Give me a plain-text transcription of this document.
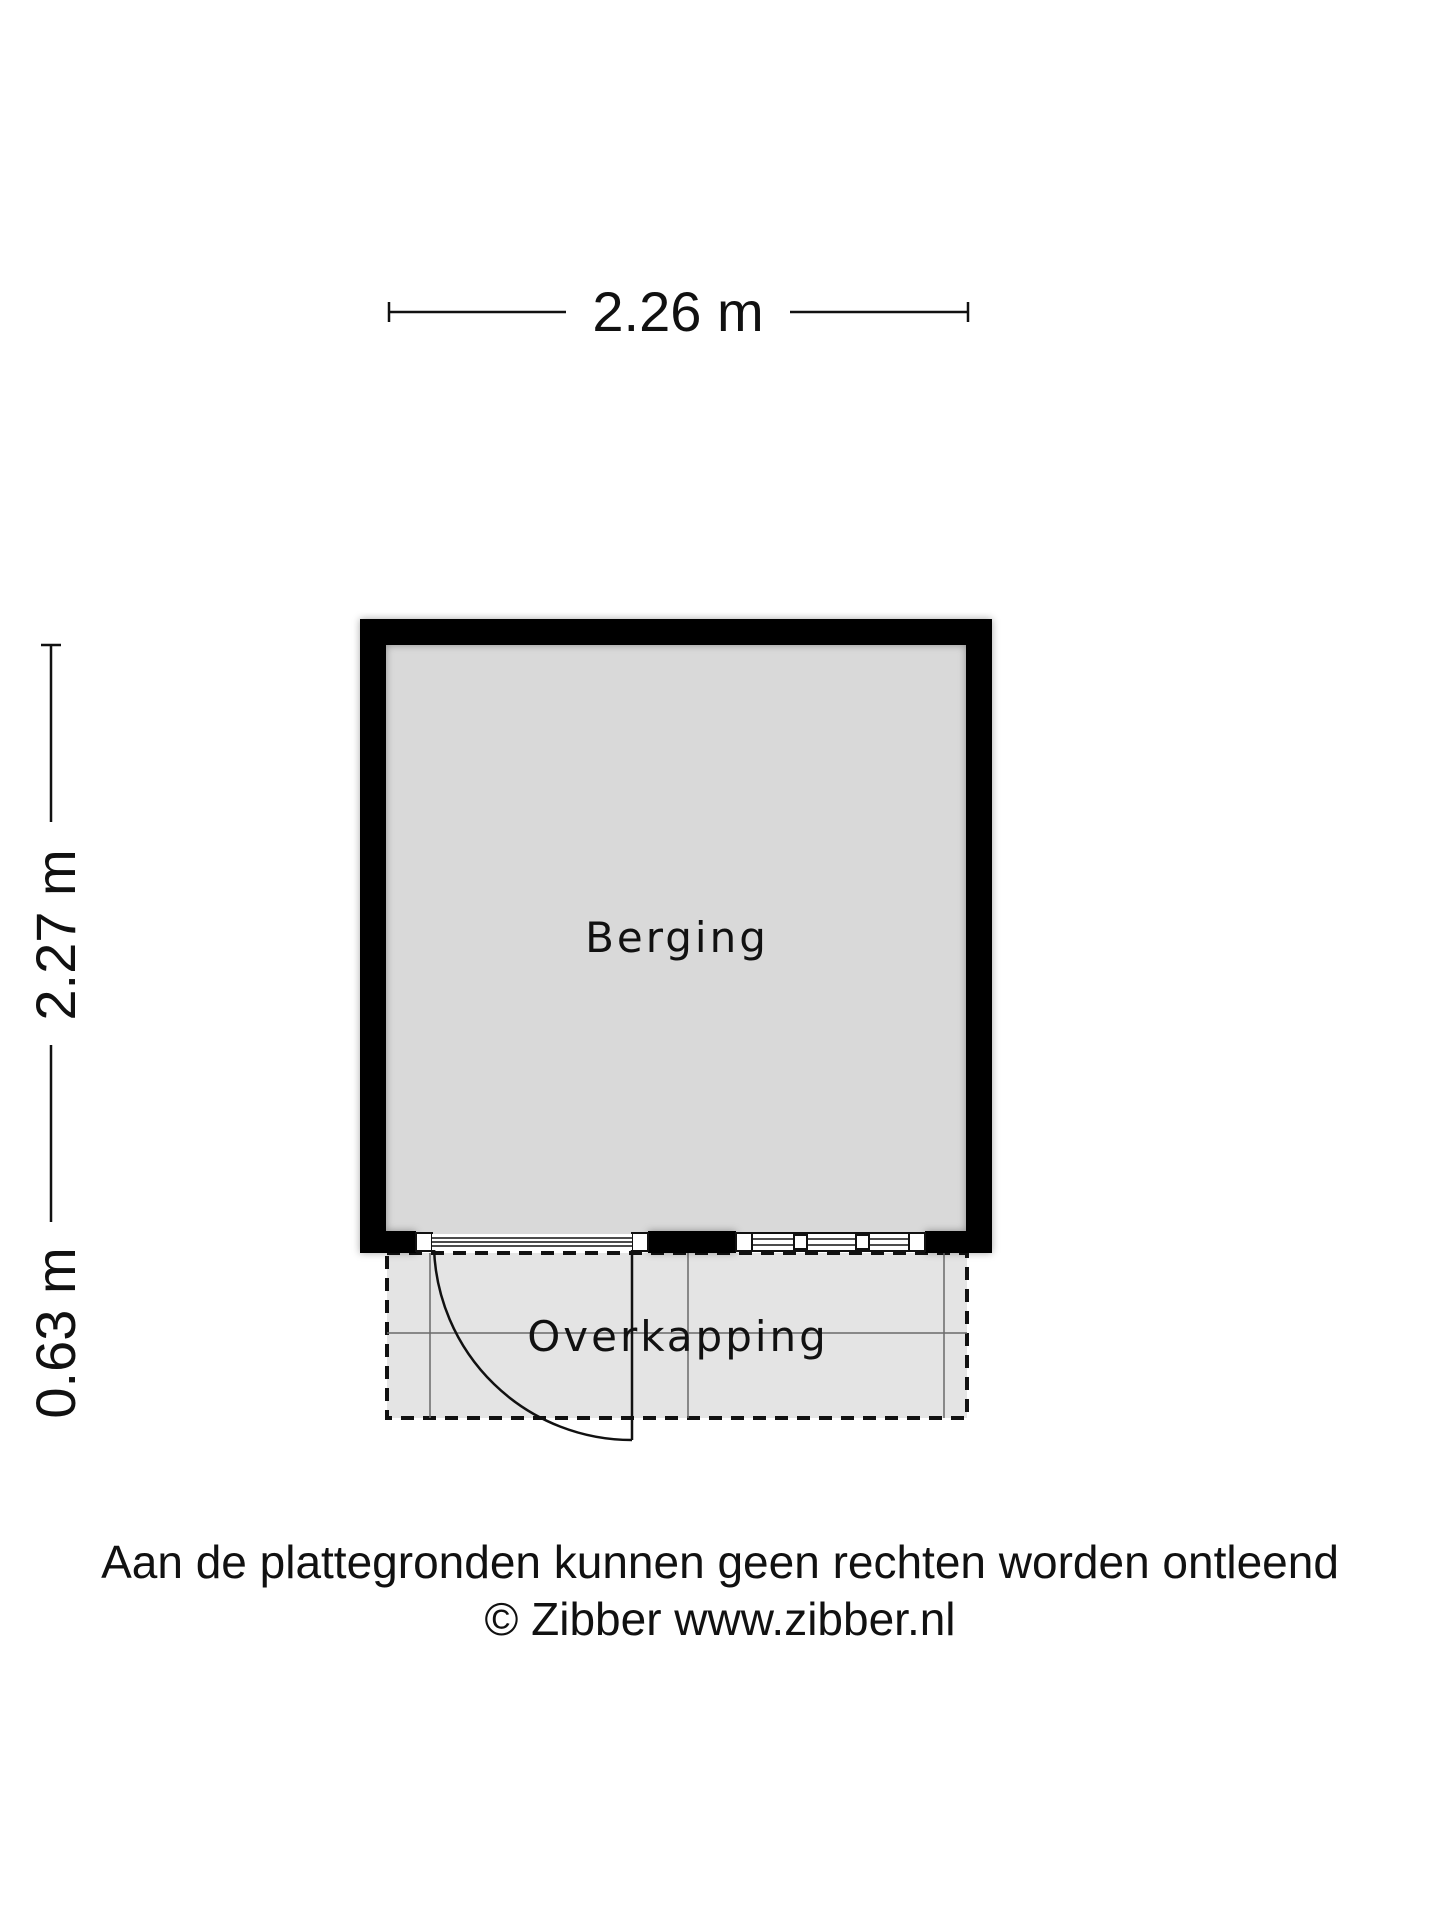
2.26 m
2.27 m
0.63 m	Overkapping
Berging
Aan de plattegronden kunnen geen rechten worden ontleend
© Zibber www.zibber.nl
